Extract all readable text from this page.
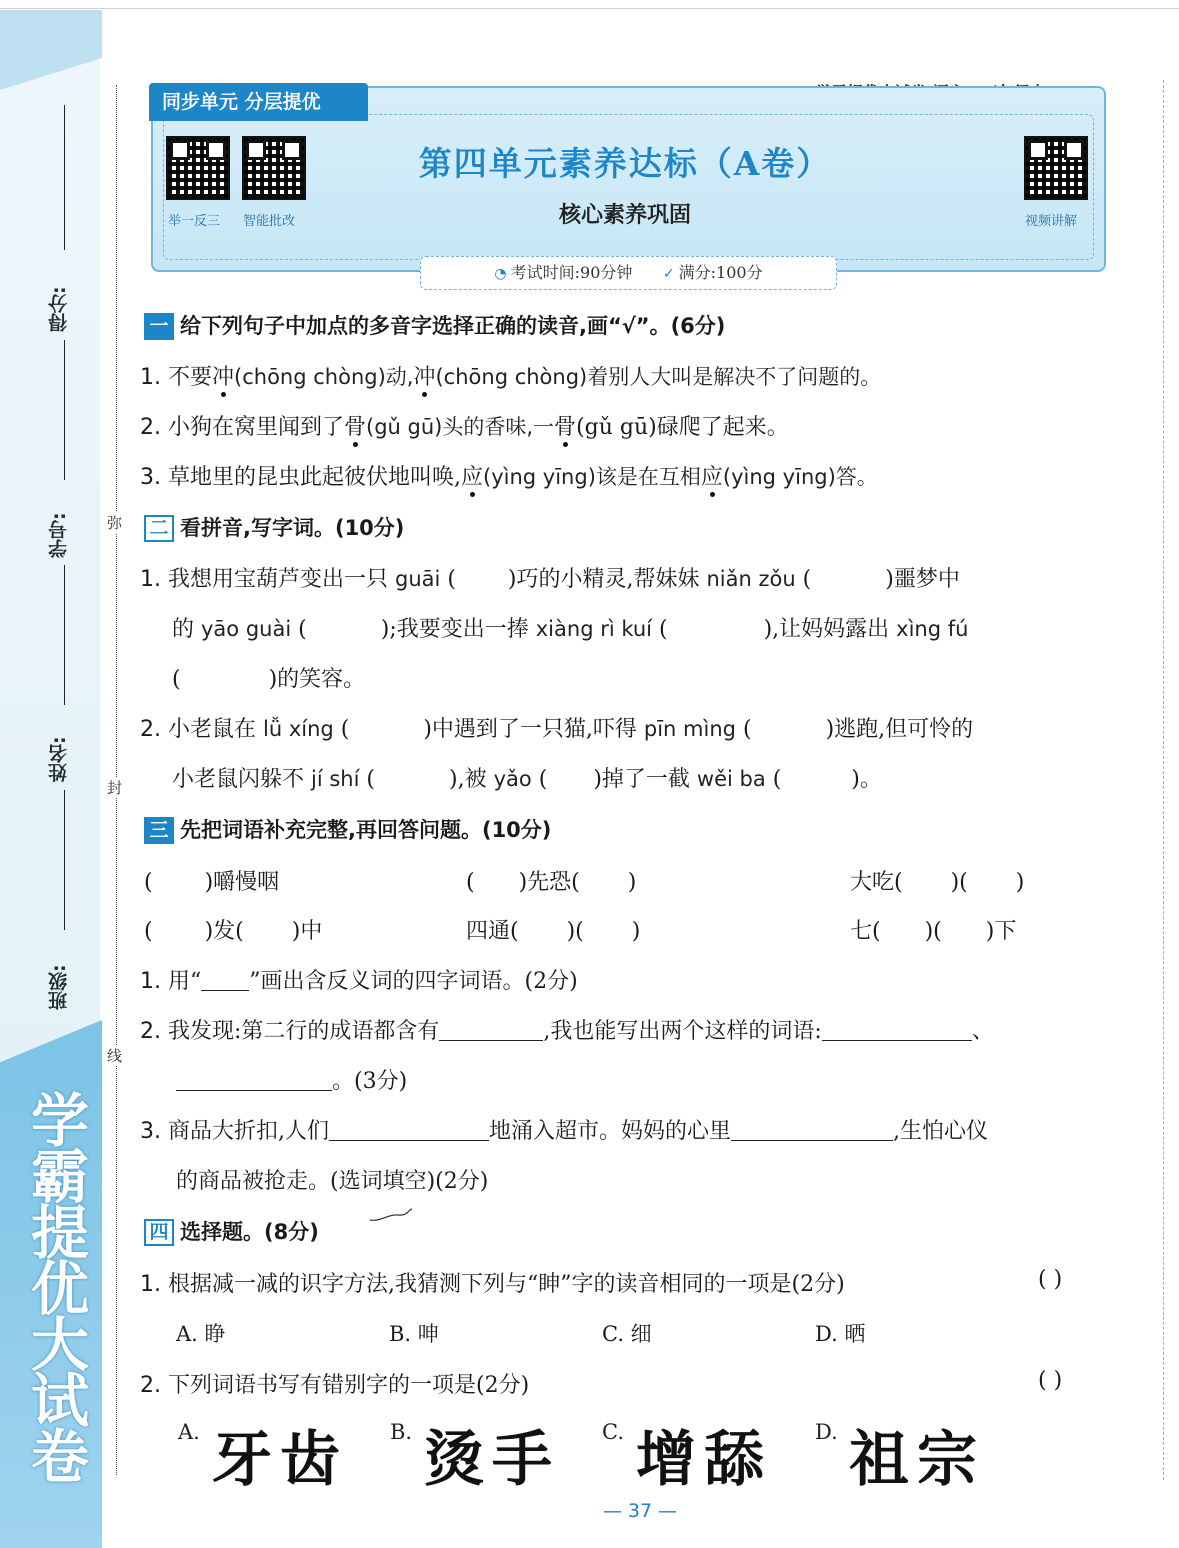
学霸提优大试卷
得分:
学号:
姓名:
班级:
弥
封
线
同步单元 分层提优
举一反三 智能批改	视频讲解
第四单元素养达标（A卷）
核心素养巩固
◔ 考试时间:90分钟 ✓ 满分:100分
一 给下列句子中加点的多音字选择正确的读音,画“√”。(6分)
1. 不要冲(chōng chòng)动,冲(chōng chòng)着别人大叫是解决不了问题的。
2. 小狗在窝里闻到了骨(gǔ gū)头的香味,一骨(gǔ gū)碌爬了起来。
3. 草地里的昆虫此起彼伏地叫唤,应(yìng yīng)该是在互相应(yìng yīng)答。
二 看拼音,写字词。(10分)
1. 我想用宝葫芦变出一只 guāi ( )巧的小精灵,帮妹妹 niǎn zǒu (	)噩梦中
的 yāo guài (	);我要变出一捧 xiàng rì kuí (	),让妈妈露出 xìng fú
(	)的笑容。
2. 小老鼠在 lǚ xíng (	)中遇到了一只猫,吓得 pīn mìng (	)逃跑,但可怜的
小老鼠闪躲不 jí shí (	),被 yǎo ( )掉了一截 wěi ba (	)。
三 先把词语补充完整,再回答问题。(10分)
( )嚼慢咽	( )先恐( )	大吃( )( )
( )发( )中	四通( )( )	七( )( )下
1. 用“ ”画出含反义词的四字词语。(2分)
2. 我发现:第二行的成语都含有	,我也能写出两个这样的词语:	、
。(3分)
3. 商品大折扣,人们	地涌入超市。妈妈的心里	,生怕心仪
的商品被抢走。(选词填空)(2分)
四 选择题。(8分)
1. 根据减一减的识字方法,我猜测下列与“眒”字的读音相同的一项是(2分)	( )
A. 睁	B. 呻	C. 细	D. 晒
2. 下列词语书写有错别字的一项是(2分)	( )
A. 牙齿 B. 烫手 C. 增舔 D. 祖宗
— 37 —
